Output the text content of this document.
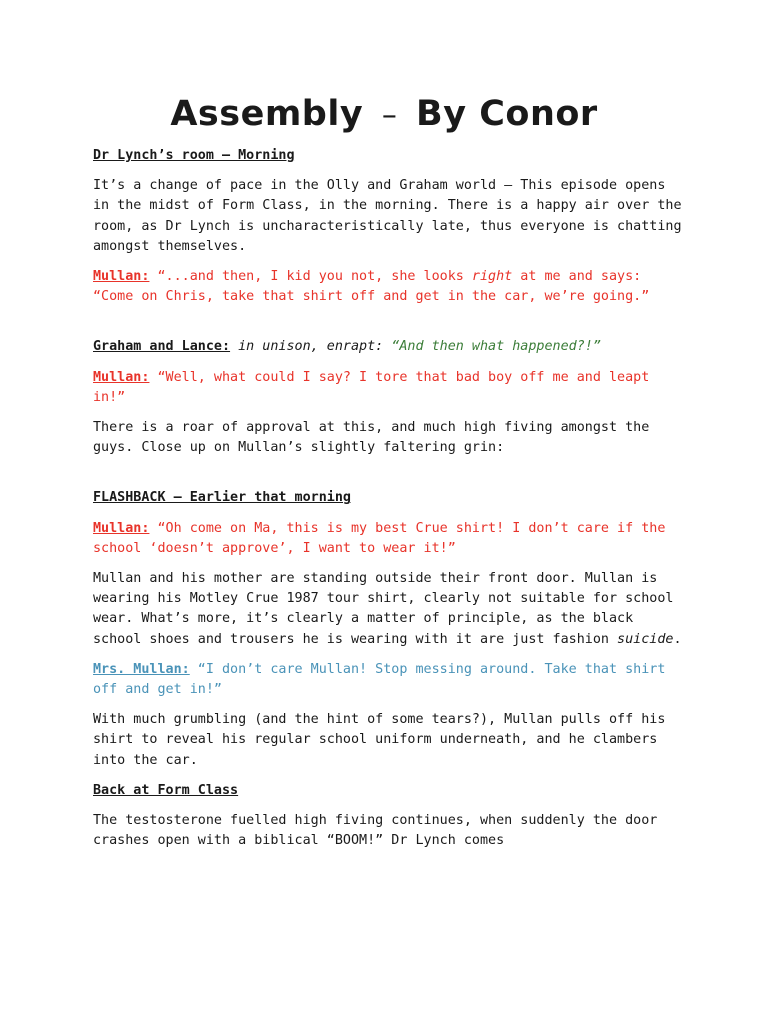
Assembly – By Conor

Dr Lynch’s room – Morning

It’s a change of pace in the Olly and Graham world – This episode opens in the midst of Form Class, in the morning. There is a happy air over the room, as Dr Lynch is uncharacteristically late, thus everyone is chatting amongst themselves.

Mullan: “...and then, I kid you not, she looks right at me and says: “Come on Chris, take that shirt off and get in the car, we’re going.”

Graham and Lance: in unison, enrapt: “And then what happened?!”

Mullan: “Well, what could I say? I tore that bad boy off me and leapt in!”

There is a roar of approval at this, and much high fiving amongst the guys. Close up on Mullan’s slightly faltering grin:

FLASHBACK – Earlier that morning

Mullan: “Oh come on Ma, this is my best Crue shirt! I don’t care if the school ‘doesn’t approve’, I want to wear it!”

Mullan and his mother are standing outside their front door. Mullan is wearing his Motley Crue 1987 tour shirt, clearly not suitable for school wear. What’s more, it’s clearly a matter of principle, as the black school shoes and trousers he is wearing with it are just fashion suicide.

Mrs. Mullan: “I don’t care Mullan! Stop messing around. Take that shirt off and get in!”

With much grumbling (and the hint of some tears?), Mullan pulls off his shirt to reveal his regular school uniform underneath, and he clambers into the car.

Back at Form Class

The testosterone fuelled high fiving continues, when suddenly the door crashes open with a biblical “BOOM!” Dr Lynch comes
